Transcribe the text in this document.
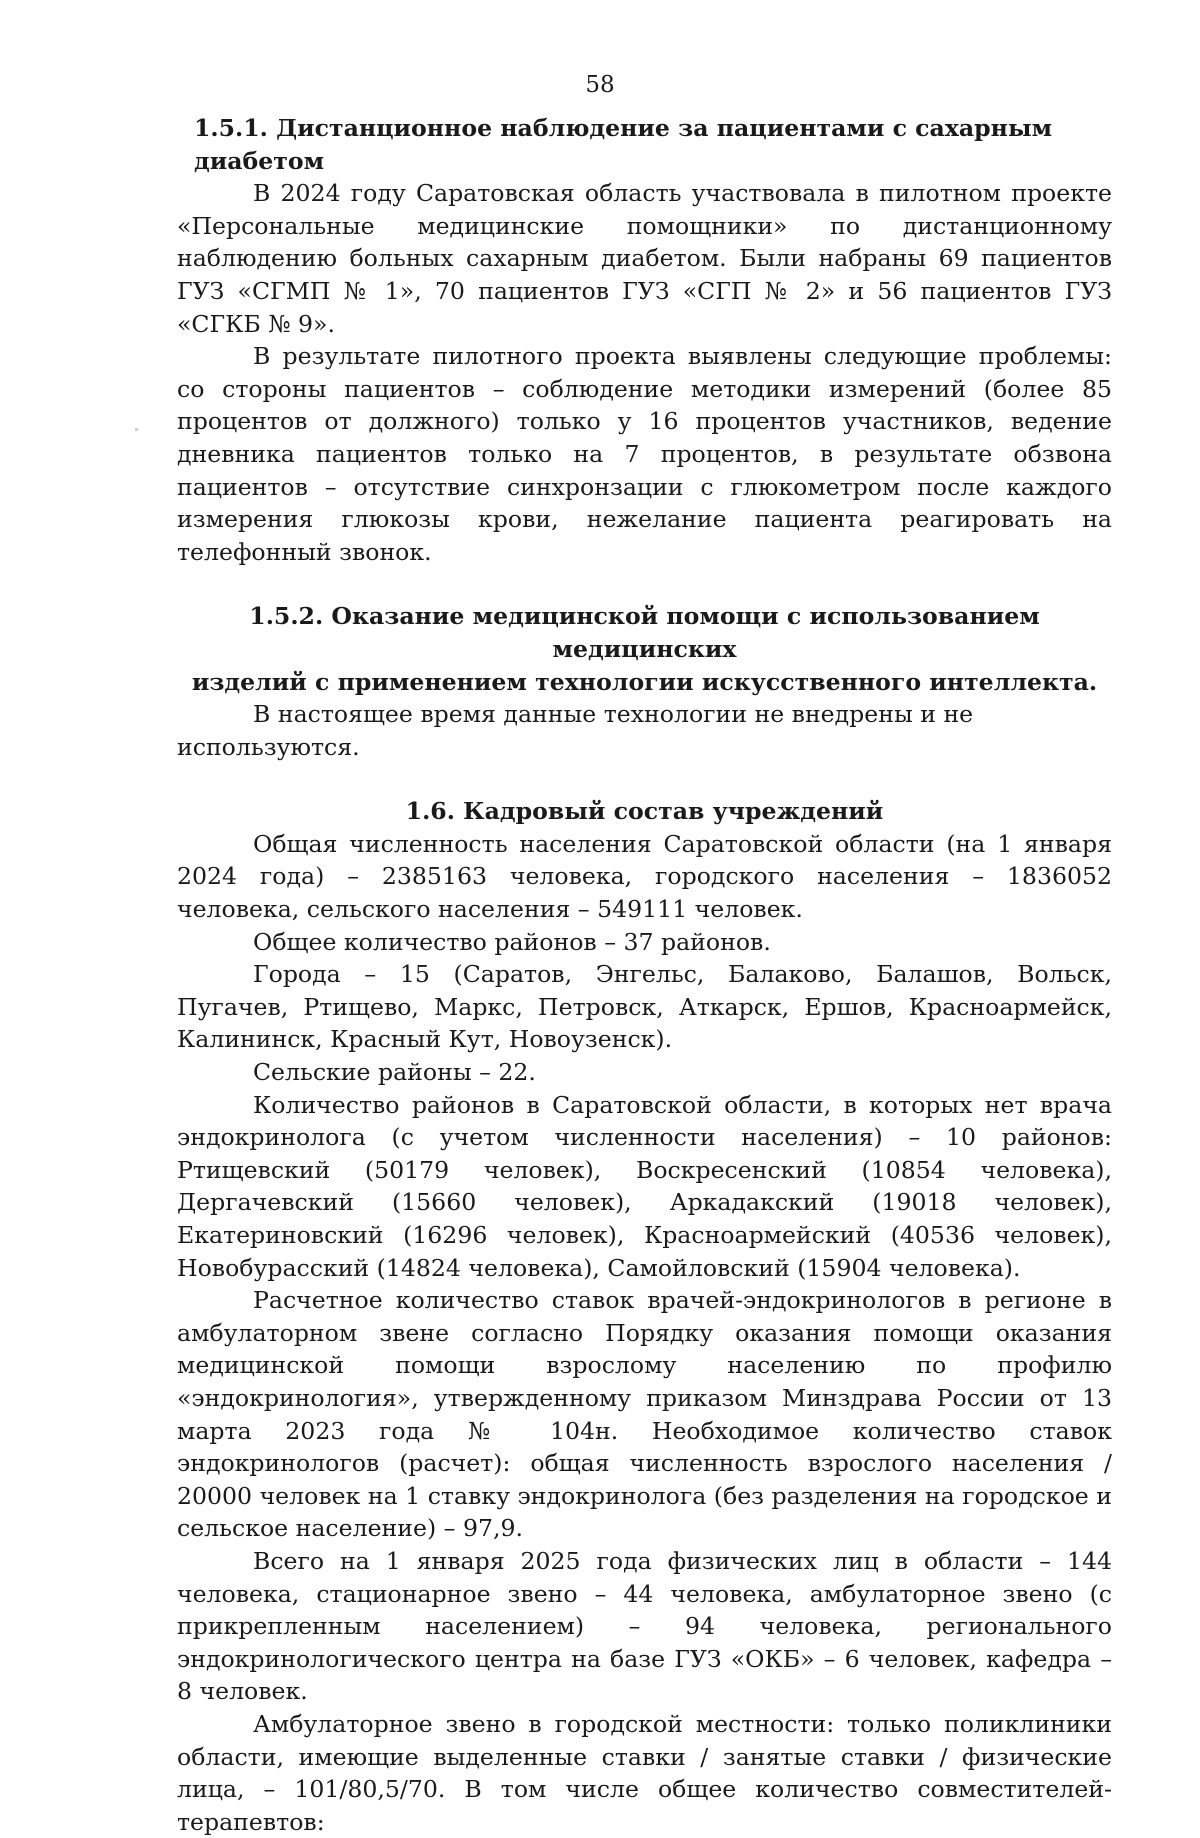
58

1.5.1. Дистанционное наблюдение за пациентами с сахарным диабетом

В 2024 году Саратовская область участвовала в пилотном проекте «Персональные медицинские помощники» по дистанционному наблюдению больных сахарным диабетом. Были набраны 69 пациентов ГУЗ «СГМП № 1», 70 пациентов ГУЗ «СГП № 2» и 56 пациентов ГУЗ «СГКБ № 9».

В результате пилотного проекта выявлены следующие проблемы: со стороны пациентов – соблюдение методики измерений (более 85 процентов от должного) только у 16 процентов участников, ведение дневника пациентов только на 7 процентов, в результате обзвона пациентов – отсутствие синхронзации с глюкометром после каждого измерения глюкозы крови, нежелание пациента реагировать на телефонный звонок.

1.5.2. Оказание медицинской помощи с использованием медицинских

изделий с применением технологии искусственного интеллекта.

В настоящее время данные технологии не внедрены и не используются.

1.6. Кадровый состав учреждений

Общая численность населения Саратовской области (на 1 января 2024 года) – 2385163 человека, городского населения – 1836052 человека, сельского населения – 549111 человек.

Общее количество районов – 37 районов.

Города – 15 (Саратов, Энгельс, Балаково, Балашов, Вольск, Пугачев, Ртищево, Маркс, Петровск, Аткарск, Ершов, Красноармейск, Калининск, Красный Кут, Новоузенск).

Сельские районы – 22.

Количество районов в Саратовской области, в которых нет врача эндокринолога (с учетом численности населения) – 10 районов: Ртищевский (50179 человек), Воскресенский (10854 человека), Дергачевский (15660 человек), Аркадакский (19018 человек), Екатериновский (16296 человек), Красноармейский (40536 человек), Новобурасский (14824 человека), Самойловский (15904 человека).

Расчетное количество ставок врачей-эндокринологов в регионе в амбулаторном звене согласно Порядку оказания помощи оказания медицинской помощи взрослому населению по профилю «эндокринология», утвержденному приказом Минздрава России от 13 марта 2023 года № 104н. Необходимое количество ставок эндокринологов (расчет): общая численность взрослого населения / 20000 человек на 1 ставку эндокринолога (без разделения на городское и сельское население) – 97,9.

Всего на 1 января 2025 года физических лиц в области – 144 человека, стационарное звено – 44 человека, амбулаторное звено (с прикрепленным населением) – 94 человека, регионального эндокринологического центра на базе ГУЗ «ОКБ» – 6 человек, кафедра – 8 человек.

Амбулаторное звено в городской местности: только поликлиники области, имеющие выделенные ставки / занятые ставки / физические лица, – 101/80,5/70. В том числе общее количество совместителей-терапевтов:
